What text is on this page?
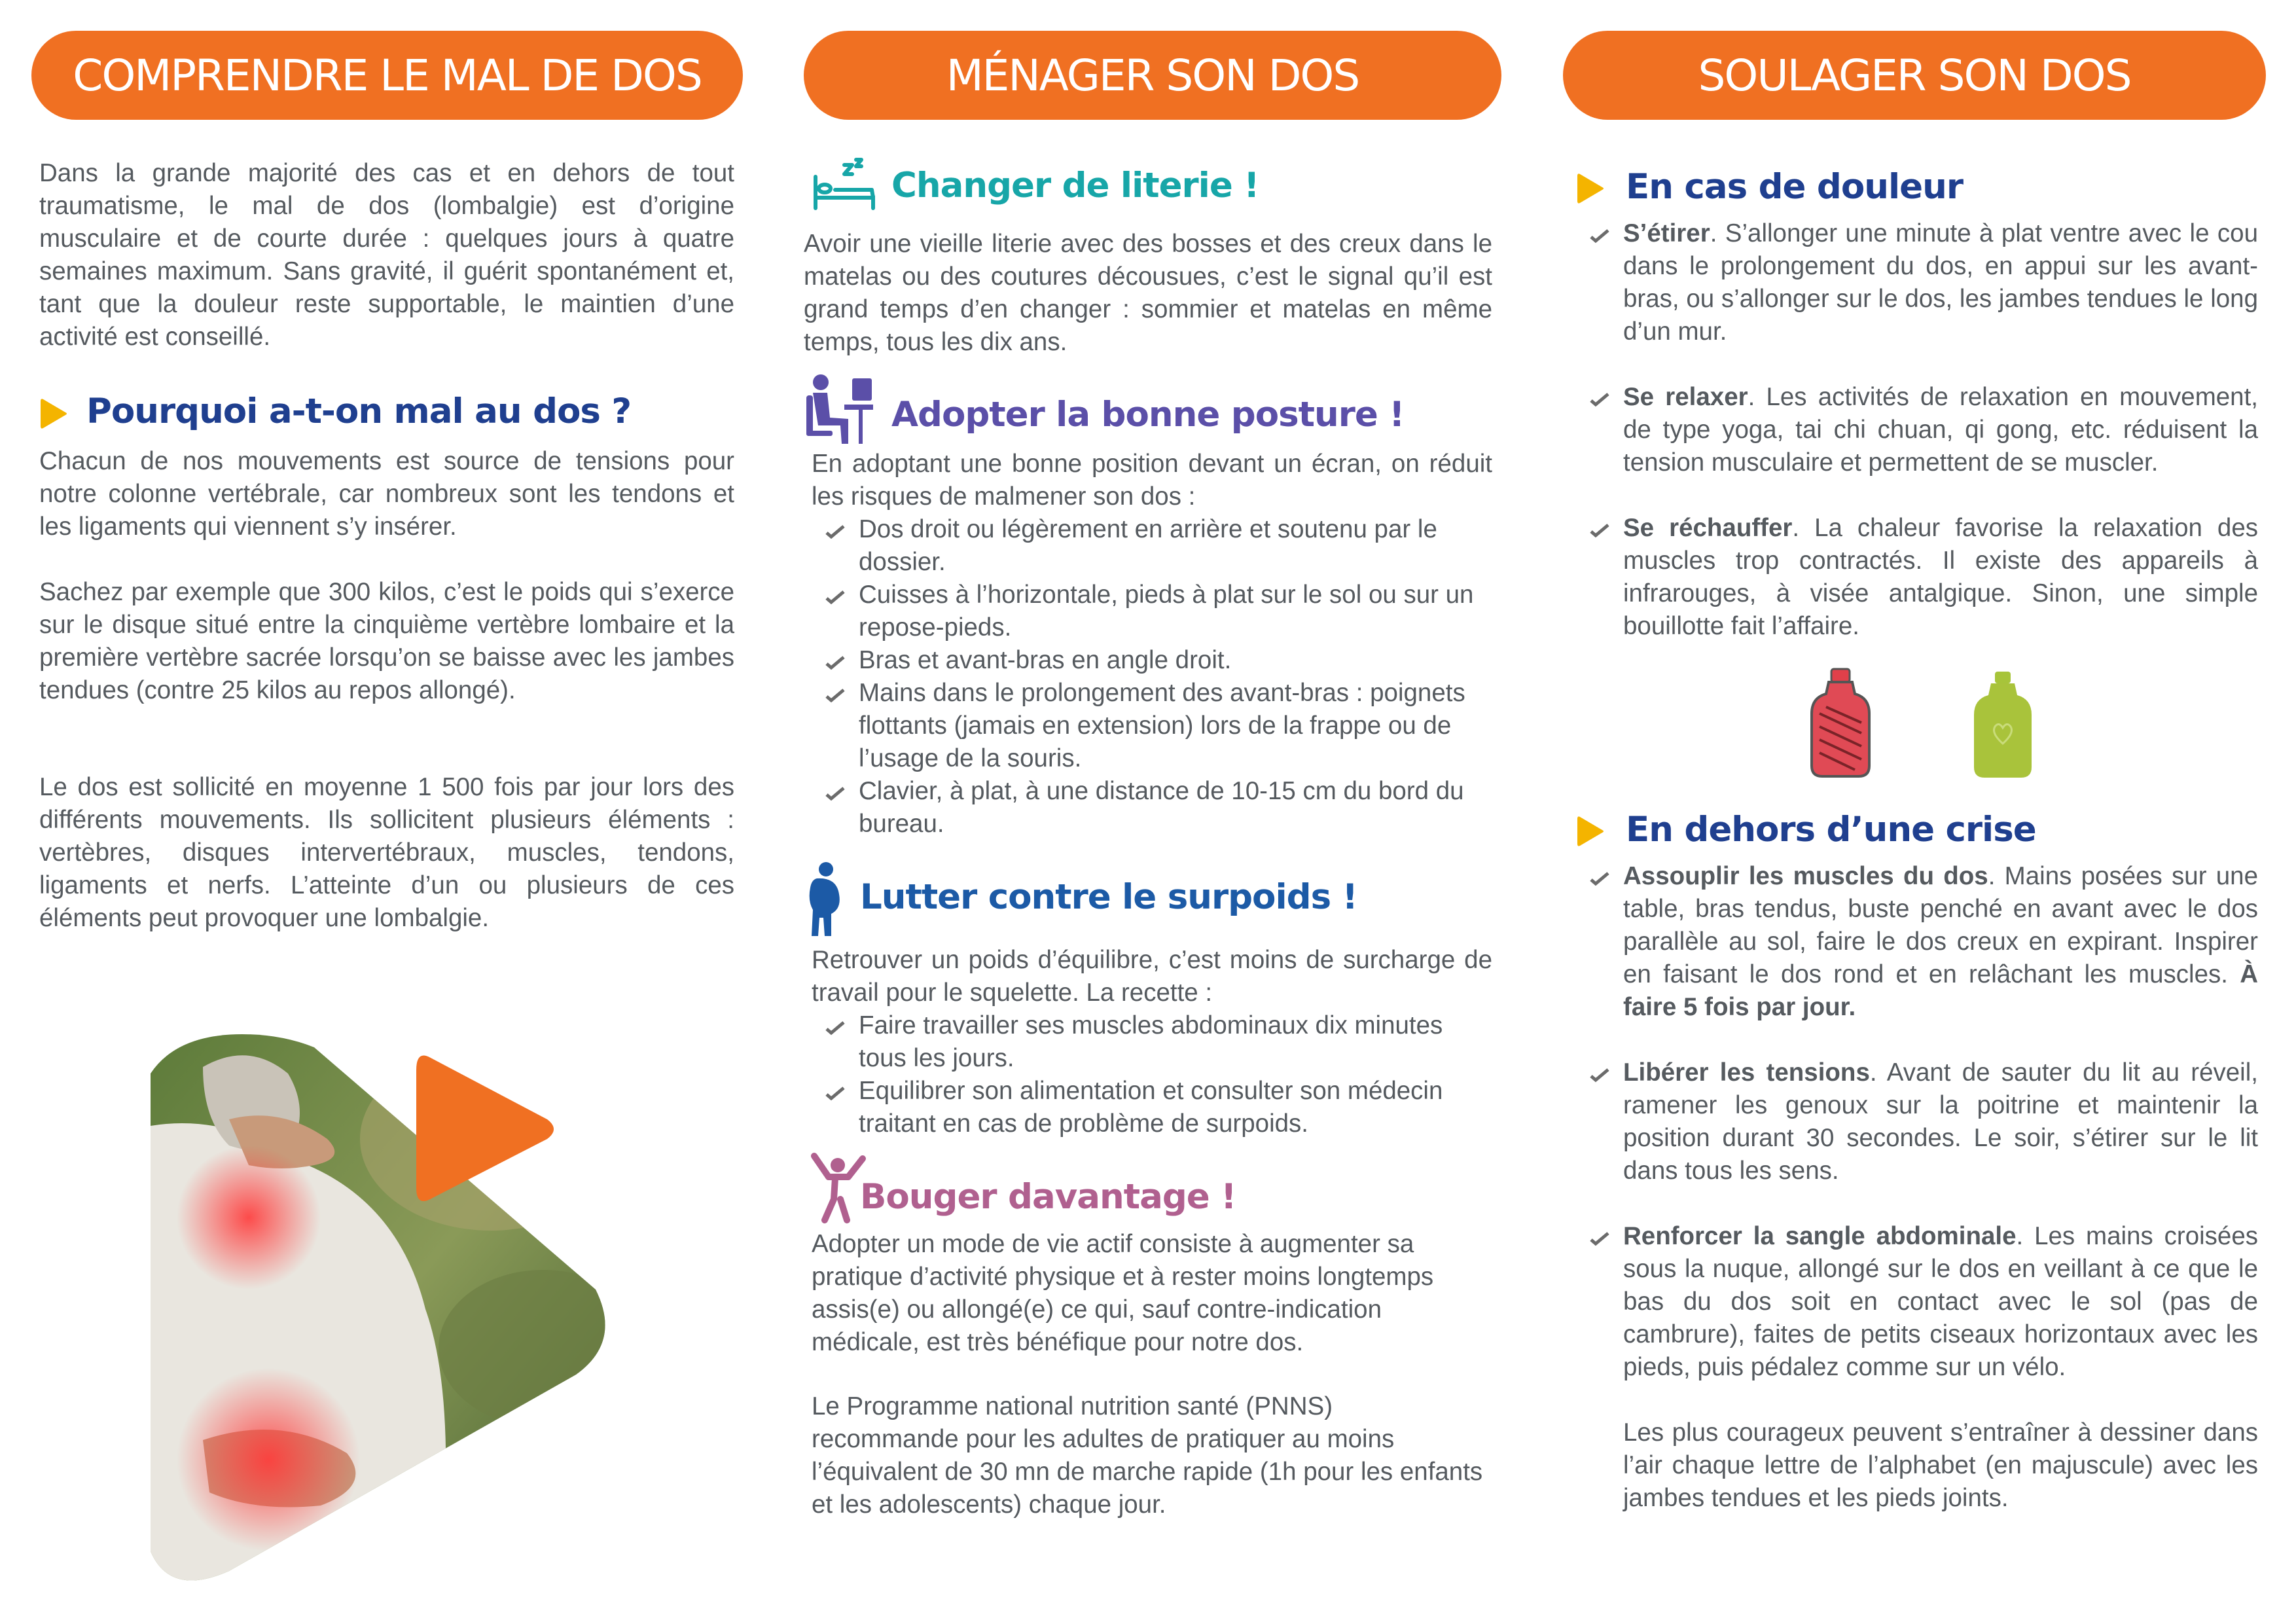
COMPRENDRE LE MAL DE DOS

Dans la grande majorité des cas et en dehors de tout traumatisme, le mal de dos (lombalgie) est d’origine musculaire et de courte durée : quelques jours à quatre semaines maximum. Sans gravité, il guérit spontanément et, tant que la douleur reste supportable, le maintien d’une activité est conseillé.

Pourquoi a-t-on mal au dos ?

Chacun de nos mouvements est source de tensions pour notre colonne vertébrale, car nombreux sont les tendons et les ligaments qui viennent s’y insérer.

Sachez par exemple que 300 kilos, c’est le poids qui s’exerce sur le disque situé entre la cinquième vertèbre lombaire et la première vertèbre sacrée lorsqu’on se baisse avec les jambes tendues (contre 25 kilos au repos allongé).

Le dos est sollicité en moyenne 1 500 fois par jour lors des différents mouvements. Ils sollicitent plusieurs éléments : vertèbres, disques intervertébraux, muscles, tendons, ligaments et nerfs. L’atteinte d’un ou plusieurs de ces éléments peut provoquer une lombalgie.

MÉNAGER SON DOS
Changer de literie !

Avoir une vieille literie avec des bosses et des creux dans le matelas ou des coutures décousues, c’est le signal qu’il est grand temps d’en changer : sommier et matelas en même temps, tous les dix ans.

Adopter la bonne posture !

En adoptant une bonne position devant un écran, on réduit les risques de malmener son dos :

Dos droit ou légèrement en arrière et soutenu par le dossier.
Cuisses à l’horizontale, pieds à plat sur le sol ou sur un repose-pieds.
Bras et avant-bras en angle droit.
Mains dans le prolongement des avant-bras : poignets flottants (jamais en extension) lors de la frappe ou de l’usage de la souris.
Clavier, à plat, à une distance de 10-15 cm du bord du bureau.
Lutter contre le surpoids !

Retrouver un poids d’équilibre, c’est moins de surcharge de travail pour le squelette. La recette :

Faire travailler ses muscles abdominaux dix minutes tous les jours.
Equilibrer son alimentation et consulter son médecin traitant en cas de problème de surpoids.
Bouger davantage !

Adopter un mode de vie actif consiste à augmenter sa pratique d’activité physique et à rester moins longtemps assis(e) ou allongé(e) ce qui, sauf contre-indication médicale, est très bénéfique pour notre dos.

Le Programme national nutrition santé (PNNS) recommande pour les adultes de pratiquer au moins l’équivalent de 30 mn de marche rapide (1h pour les enfants et les adolescents) chaque jour.

SOULAGER SON DOS
En cas de douleur
S’étirer. S’allonger une minute à plat ventre avec le cou dans le prolongement du dos, en appui sur les avant-bras, ou s’allonger sur le dos, les jambes tendues le long d’un mur.
Se relaxer. Les activités de relaxation en mouvement, de type yoga, tai chi chuan, qi gong, etc. réduisent la tension musculaire et permettent de se muscler.
Se réchauffer. La chaleur favorise la relaxation des muscles trop contractés. Il existe des appareils à infrarouges, à visée antalgique. Sinon, une simple bouillotte fait l’affaire.
En dehors d’une crise
Assouplir les muscles du dos. Mains posées sur une table, bras tendus, buste penché en avant avec le dos parallèle au sol, faire le dos creux en expirant. Inspirer en faisant le dos rond et en relâchant les muscles. À faire 5 fois par jour.
Libérer les tensions. Avant de sauter du lit au réveil, ramener les genoux sur la poitrine et maintenir la position durant 30 secondes. Le soir, s’étirer sur le lit dans tous les sens.
Renforcer la sangle abdominale. Les mains croisées sous la nuque, allongé sur le dos en veillant à ce que le bas du dos soit en contact avec le sol (pas de cambrure), faites de petits ciseaux horizontaux avec les pieds, puis pédalez comme sur un vélo.
Les plus courageux peuvent s’entraîner à dessiner dans l’air chaque lettre de l’alphabet (en majuscule) avec les jambes tendues et les pieds joints.
